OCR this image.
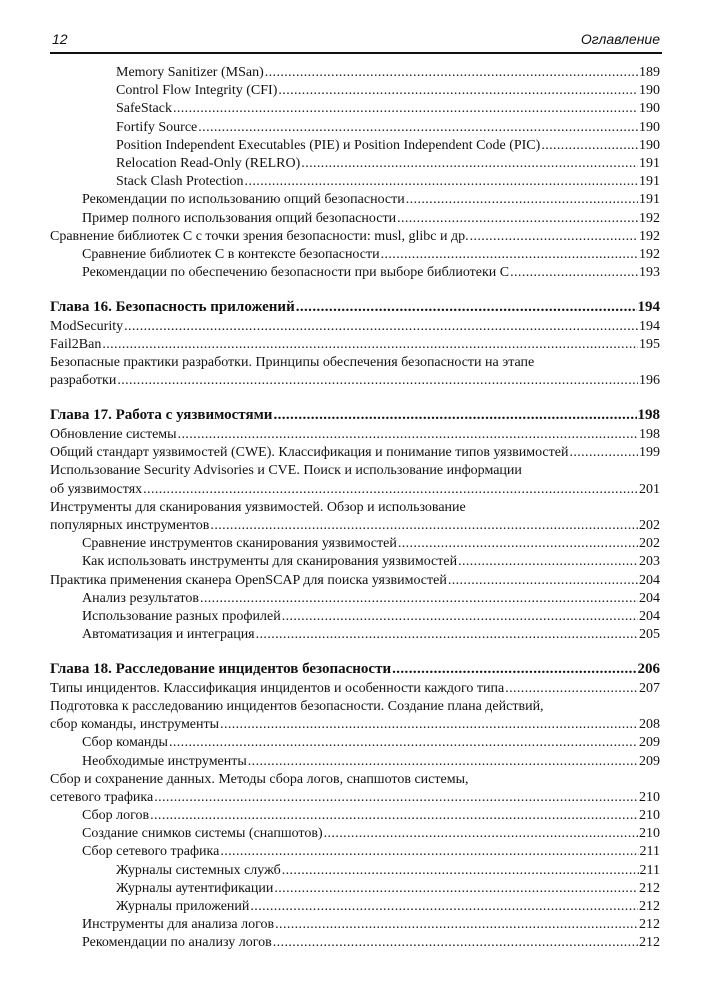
12	Оглавление
Memory Sanitizer (MSan) .....	189
Control Flow Integrity (CFI) .....	190
SafeStack .....	190
Fortify Source .....	190
Position Independent Executables (PIE) и Position Independent Code (PIC) .....	190
Relocation Read-Only (RELRO) .....	191
Stack Clash Protection .....	191
Рекомендации по использованию опций безопасности .....	191
Пример полного использования опций безопасности .....	192
Сравнение библиотек C с точки зрения безопасности: musl, glibc и др. .....	192
Сравнение библиотек C в контексте безопасности .....	192
Рекомендации по обеспечению безопасности при выборе библиотеки C .....	193
Глава 16. Безопасность приложений .....	194
ModSecurity .....	194
Fail2Ban .....	195
Безопасные практики разработки. Принципы обеспечения безопасности на этапе
разработки .....	196
Глава 17. Работа с уязвимостями .....	198
Обновление системы .....	198
Общий стандарт уязвимостей (CWE). Классификация и понимание типов уязвимостей .....	199
Использование Security Advisories и CVE. Поиск и использование информации
об уязвимостях .....	201
Инструменты для сканирования уязвимостей. Обзор и использование
популярных инструментов .....	202
Сравнение инструментов сканирования уязвимостей .....	202
Как использовать инструменты для сканирования уязвимостей .....	203
Практика применения сканера OpenSCAP для поиска уязвимостей .....	204
Анализ результатов .....	204
Использование разных профилей .....	204
Автоматизация и интеграция .....	205
Глава 18. Расследование инцидентов безопасности .....	206
Типы инцидентов. Классификация инцидентов и особенности каждого типа .....	207
Подготовка к расследованию инцидентов безопасности. Создание плана действий,
сбор команды, инструменты .....	208
Сбор команды .....	209
Необходимые инструменты .....	209
Сбор и сохранение данных. Методы сбора логов, снапшотов системы,
сетевого трафика .....	210
Сбор логов .....	210
Создание снимков системы (снапшотов) .....	210
Сбор сетевого трафика .....	211
Журналы системных служб .....	211
Журналы аутентификации .....	212
Журналы приложений .....	212
Инструменты для анализа логов .....	212
Рекомендации по анализу логов .....	212
